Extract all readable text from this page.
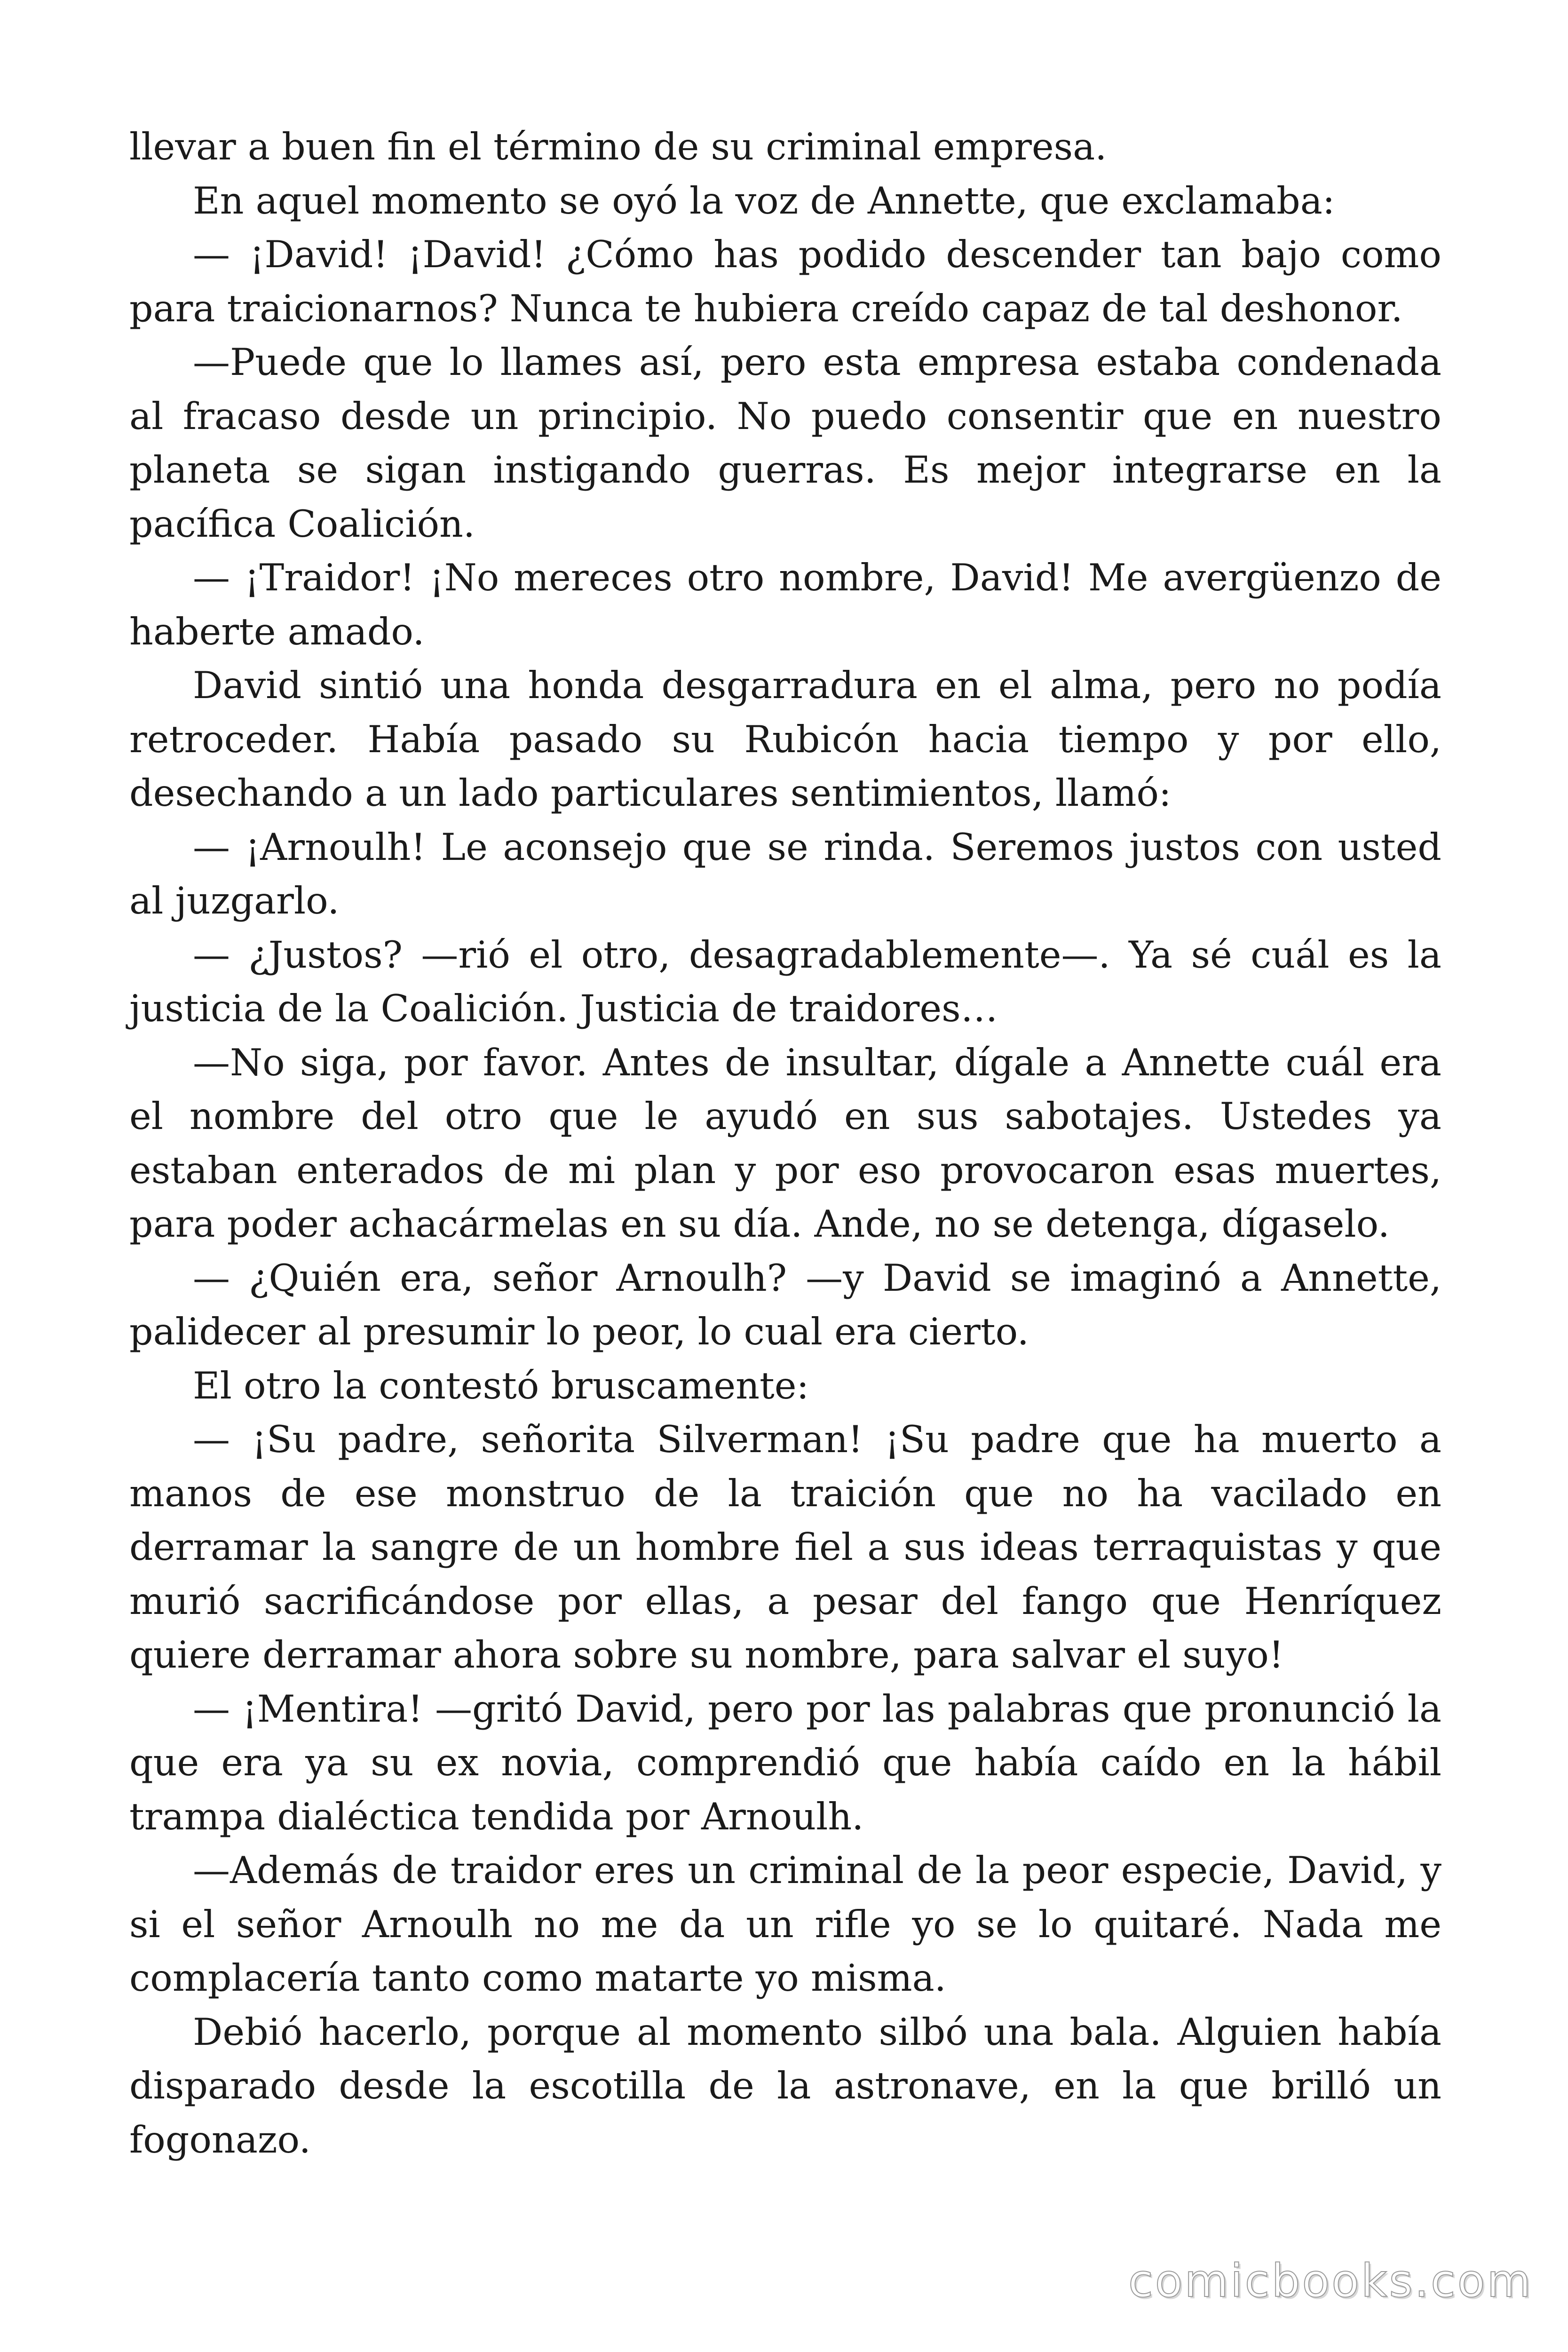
llevar a buen fin el término de su criminal empresa.

En aquel momento se oyó la voz de Annette, que exclamaba:

— ¡David! ¡David! ¿Cómo has podido descender tan bajo como para traicionarnos? Nunca te hubiera creído capaz de tal deshonor.

—Puede que lo llames así, pero esta empresa estaba condenada al fracaso desde un principio. No puedo consentir que en nuestro planeta se sigan instigando guerras. Es mejor integrarse en la pacífica Coalición.

— ¡Traidor! ¡No mereces otro nombre, David! Me avergüenzo de haberte amado.

David sintió una honda desgarradura en el alma, pero no podía retroceder. Había pasado su Rubicón hacia tiempo y por ello, desechando a un lado particulares sentimientos, llamó:

— ¡Arnoulh! Le aconsejo que se rinda. Seremos justos con usted al juzgarlo.

— ¿Justos? —rió el otro, desagradablemente—. Ya sé cuál es la justicia de la Coalición. Justicia de traidores…

—No siga, por favor. Antes de insultar, dígale a Annette cuál era el nombre del otro que le ayudó en sus sabotajes. Ustedes ya estaban enterados de mi plan y por eso provocaron esas muertes, para poder achacármelas en su día. Ande, no se detenga, dígaselo.

— ¿Quién era, señor Arnoulh? —y David se imaginó a Annette, palidecer al presumir lo peor, lo cual era cierto.

El otro la contestó bruscamente:

— ¡Su padre, señorita Silverman! ¡Su padre que ha muerto a manos de ese monstruo de la traición que no ha vacilado en derramar la sangre de un hombre fiel a sus ideas terraquistas y que murió sacrificándose por ellas, a pesar del fango que Henríquez quiere derramar ahora sobre su nombre, para salvar el suyo!

— ¡Mentira! —gritó David, pero por las palabras que pronunció la que era ya su ex novia, comprendió que había caído en la hábil trampa dialéctica tendida por Arnoulh.

—Además de traidor eres un criminal de la peor especie, David, y si el señor Arnoulh no me da un rifle yo se lo quitaré. Nada me complacería tanto como matarte yo misma.

Debió hacerlo, porque al momento silbó una bala. Alguien había disparado desde la escotilla de la astronave, en la que brilló un fogonazo.

comicbooks.com
